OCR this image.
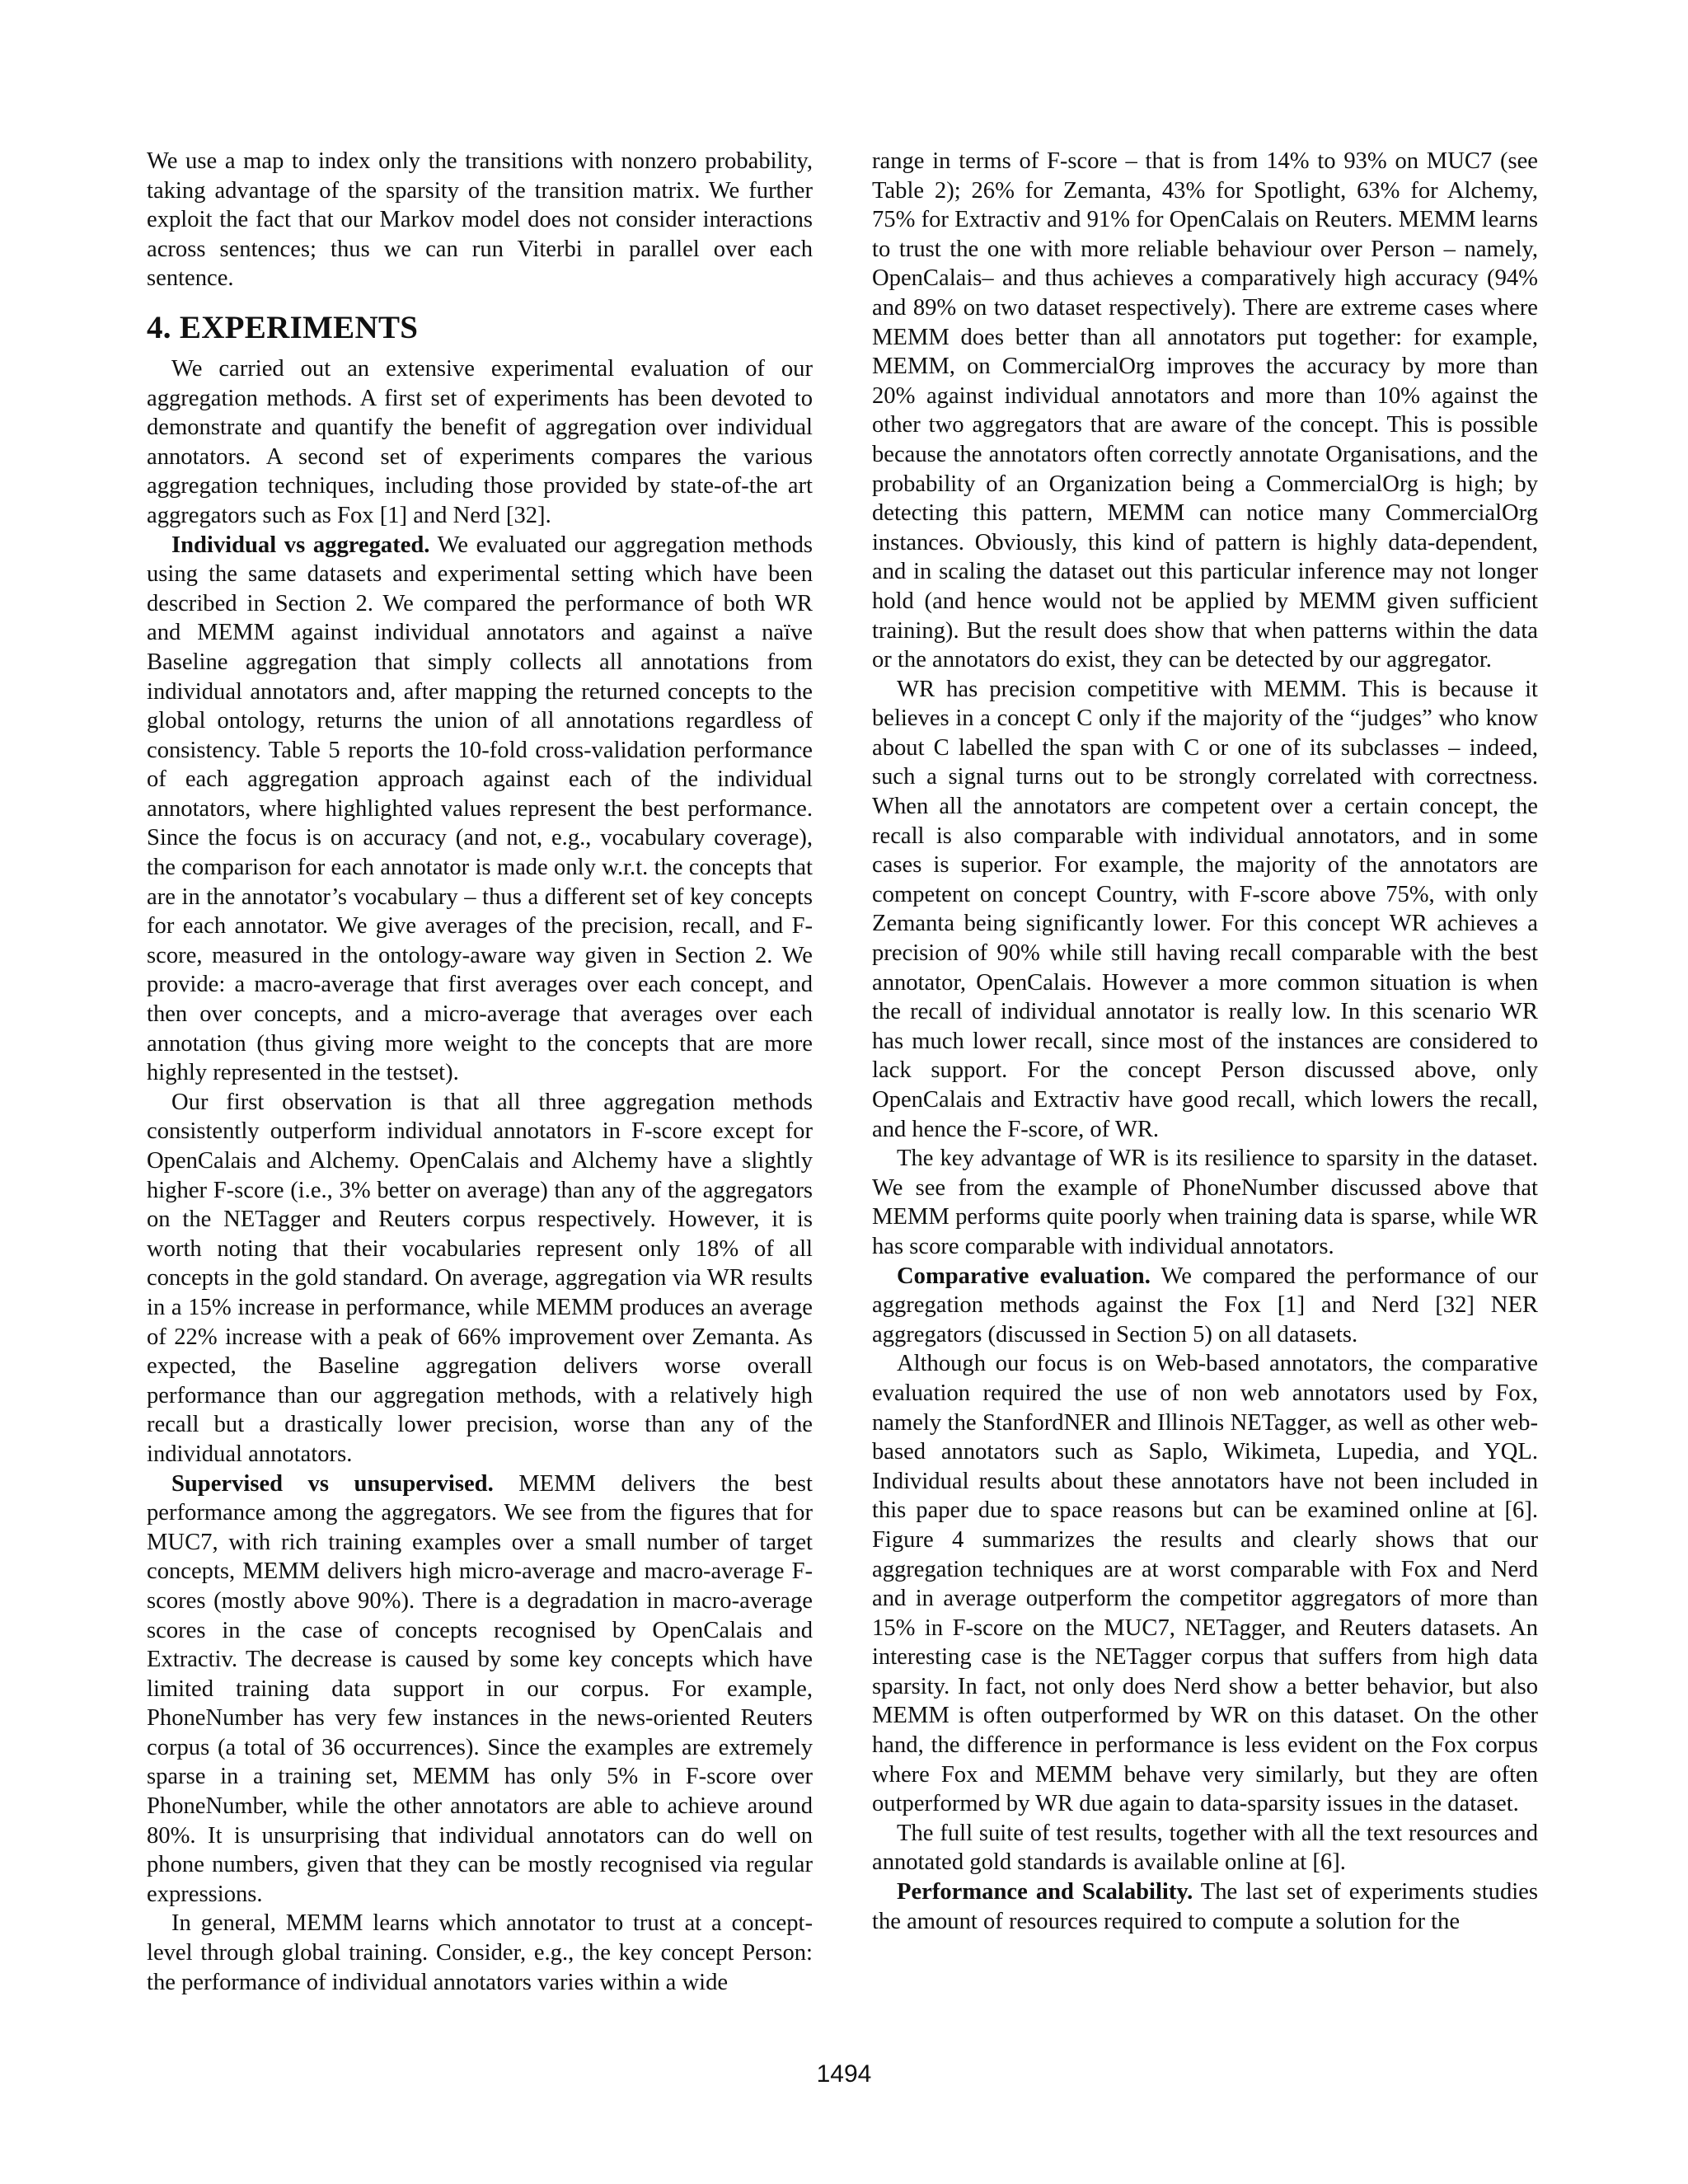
We use a map to index only the transitions with nonzero probability, taking advantage of the sparsity of the transition matrix. We further exploit the fact that our Markov model does not consider interactions across sentences; thus we can run Viterbi in parallel over each sentence.

4. EXPERIMENTS

We carried out an extensive experimental evaluation of our aggregation methods. A first set of experiments has been devoted to demonstrate and quantify the benefit of aggregation over individual annotators. A second set of experiments compares the various aggregation techniques, including those provided by state-of-the art aggregators such as Fox [1] and Nerd [32].

Individual vs aggregated. We evaluated our aggregation methods using the same datasets and experimental setting which have been described in Section 2. We compared the performance of both WR and MEMM against individual annotators and against a naïve Baseline aggregation that simply collects all annotations from individual annotators and, after mapping the returned concepts to the global ontology, returns the union of all annotations regardless of consistency. Table 5 reports the 10-fold cross-validation performance of each aggregation approach against each of the individual annotators, where highlighted values represent the best performance. Since the focus is on accuracy (and not, e.g., vocabulary coverage), the comparison for each annotator is made only w.r.t. the concepts that are in the annotator’s vocabulary – thus a different set of key concepts for each annotator. We give averages of the precision, recall, and F-score, measured in the ontology-aware way given in Section 2. We provide: a macro-average that first averages over each concept, and then over concepts, and a micro-average that averages over each annotation (thus giving more weight to the concepts that are more highly represented in the testset).

Our first observation is that all three aggregation methods consistently outperform individual annotators in F-score except for OpenCalais and Alchemy. OpenCalais and Alchemy have a slightly higher F-score (i.e., 3% better on average) than any of the aggregators on the NETagger and Reuters corpus respectively. However, it is worth noting that their vocabularies represent only 18% of all concepts in the gold standard. On average, aggregation via WR results in a 15% increase in performance, while MEMM produces an average of 22% increase with a peak of 66% improvement over Zemanta. As expected, the Baseline aggregation delivers worse overall performance than our aggregation methods, with a relatively high recall but a drastically lower precision, worse than any of the individual annotators.

Supervised vs unsupervised. MEMM delivers the best performance among the aggregators. We see from the figures that for MUC7, with rich training examples over a small number of target concepts, MEMM delivers high micro-average and macro-average F-scores (mostly above 90%). There is a degradation in macro-average scores in the case of concepts recognised by OpenCalais and Extractiv. The decrease is caused by some key concepts which have limited training data support in our corpus. For example, PhoneNumber has very few instances in the news-oriented Reuters corpus (a total of 36 occurrences). Since the examples are extremely sparse in a training set, MEMM has only 5% in F-score over PhoneNumber, while the other annotators are able to achieve around 80%. It is unsurprising that individual annotators can do well on phone numbers, given that they can be mostly recognised via regular expressions.

In general, MEMM learns which annotator to trust at a concept-level through global training. Consider, e.g., the key concept Person: the performance of individual annotators varies within a wide

range in terms of F-score – that is from 14% to 93% on MUC7 (see Table 2); 26% for Zemanta, 43% for Spotlight, 63% for Alchemy, 75% for Extractiv and 91% for OpenCalais on Reuters. MEMM learns to trust the one with more reliable behaviour over Person – namely, OpenCalais– and thus achieves a comparatively high accuracy (94% and 89% on two dataset respectively). There are extreme cases where MEMM does better than all annotators put together: for example, MEMM, on CommercialOrg improves the accuracy by more than 20% against individual annotators and more than 10% against the other two aggregators that are aware of the concept. This is possible because the annotators often correctly annotate Organisations, and the probability of an Organization being a CommercialOrg is high; by detecting this pattern, MEMM can notice many CommercialOrg instances. Obviously, this kind of pattern is highly data-dependent, and in scaling the dataset out this particular inference may not longer hold (and hence would not be applied by MEMM given sufficient training). But the result does show that when patterns within the data or the annotators do exist, they can be detected by our aggregator.

WR has precision competitive with MEMM. This is because it believes in a concept C only if the majority of the “judges” who know about C labelled the span with C or one of its subclasses – indeed, such a signal turns out to be strongly correlated with correctness. When all the annotators are competent over a certain concept, the recall is also comparable with individual annotators, and in some cases is superior. For example, the majority of the annotators are competent on concept Country, with F-score above 75%, with only Zemanta being significantly lower. For this concept WR achieves a precision of 90% while still having recall comparable with the best annotator, OpenCalais. However a more common situation is when the recall of individual annotator is really low. In this scenario WR has much lower recall, since most of the instances are considered to lack support. For the concept Person discussed above, only OpenCalais and Extractiv have good recall, which lowers the recall, and hence the F-score, of WR.

The key advantage of WR is its resilience to sparsity in the dataset. We see from the example of PhoneNumber discussed above that MEMM performs quite poorly when training data is sparse, while WR has score comparable with individual annotators.

Comparative evaluation. We compared the performance of our aggregation methods against the Fox [1] and Nerd [32] NER aggregators (discussed in Section 5) on all datasets.

Although our focus is on Web-based annotators, the comparative evaluation required the use of non web annotators used by Fox, namely the StanfordNER and Illinois NETagger, as well as other web-based annotators such as Saplo, Wikimeta, Lupedia, and YQL. Individual results about these annotators have not been included in this paper due to space reasons but can be examined online at [6]. Figure 4 summarizes the results and clearly shows that our aggregation techniques are at worst comparable with Fox and Nerd and in average outperform the competitor aggregators of more than 15% in F-score on the MUC7, NETagger, and Reuters datasets. An interesting case is the NETagger corpus that suffers from high data sparsity. In fact, not only does Nerd show a better behavior, but also MEMM is often outperformed by WR on this dataset. On the other hand, the difference in performance is less evident on the Fox corpus where Fox and MEMM behave very similarly, but they are often outperformed by WR due again to data-sparsity issues in the dataset.

The full suite of test results, together with all the text resources and annotated gold standards is available online at [6].

Performance and Scalability. The last set of experiments studies the amount of resources required to compute a solution for the

1494
